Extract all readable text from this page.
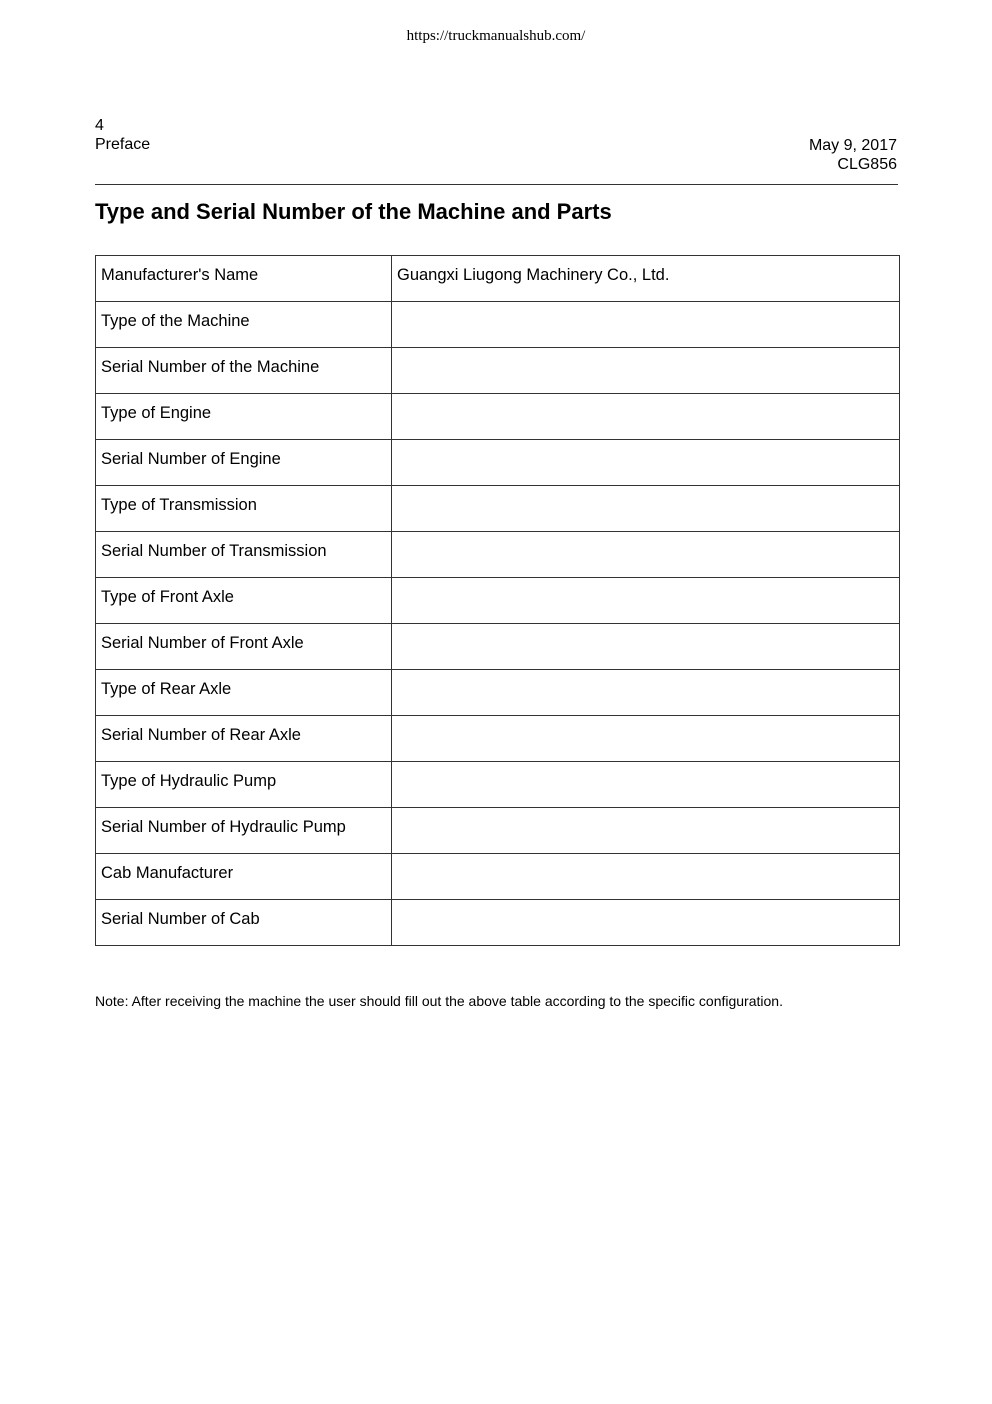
https://truckmanualshub.com/
4
Preface	May 9, 2017
CLG856
Type and Serial Number of the Machine and Parts
Manufacturer's Name	Guangxi Liugong Machinery Co., Ltd.

Type of the Machine	

Serial Number of the Machine	

Type of Engine	

Serial Number of Engine	

Type of Transmission	

Serial Number of Transmission	

Type of Front Axle	

Serial Number of Front Axle	

Type of Rear Axle	

Serial Number of Rear Axle	

Type of Hydraulic Pump	

Serial Number of Hydraulic Pump	

Cab Manufacturer	

Serial Number of Cab	

Note: After receiving the machine the user should fill out the above table according to the specific configuration.
